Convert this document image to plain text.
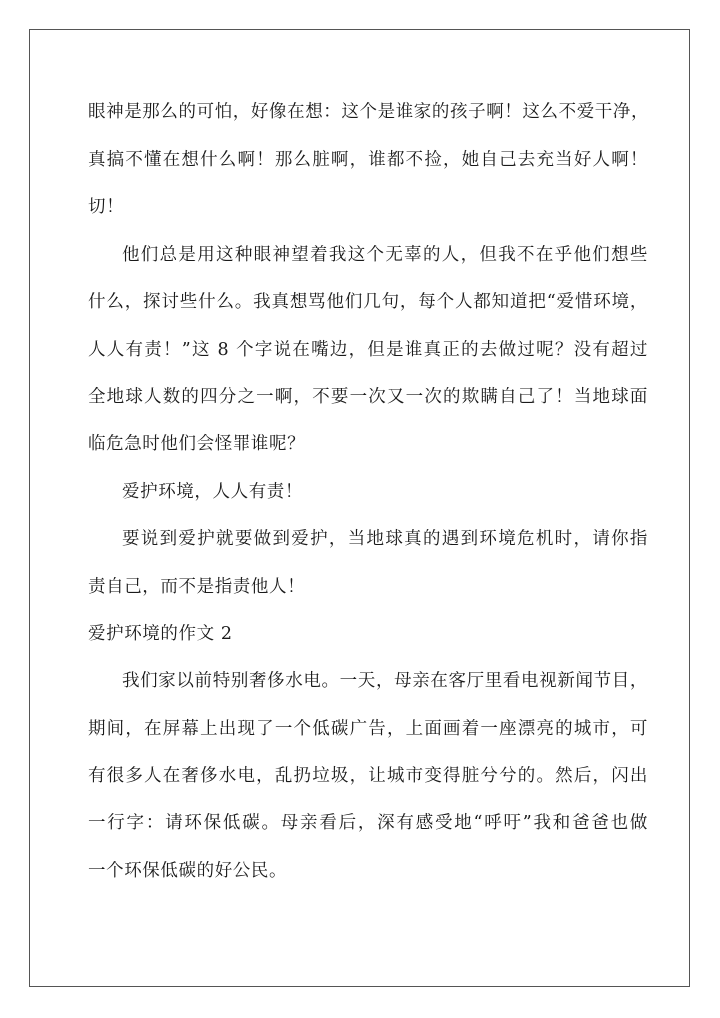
眼神是那么的可怕，好像在想：这个是谁家的孩子啊！这么不爱干净，
真搞不懂在想什么啊！那么脏啊，谁都不捡，她自己去充当好人啊！
切！
他们总是用这种眼神望着我这个无辜的人，但我不在乎他们想些
什么，探讨些什么。我真想骂他们几句，每个人都知道把“爱惜环境，
人人有责！”这 8 个字说在嘴边，但是谁真正的去做过呢？没有超过
全地球人数的四分之一啊，不要一次又一次的欺瞒自己了！当地球面
临危急时他们会怪罪谁呢？
爱护环境，人人有责！
要说到爱护就要做到爱护，当地球真的遇到环境危机时，请你指
责自己，而不是指责他人！
爱护环境的作文 2
我们家以前特别奢侈水电。一天，母亲在客厅里看电视新闻节目，
期间，在屏幕上出现了一个低碳广告，上面画着一座漂亮的城市，可
有很多人在奢侈水电，乱扔垃圾，让城市变得脏兮兮的。然后，闪出
一行字：请环保低碳。母亲看后，深有感受地“呼吁”我和爸爸也做
一个环保低碳的好公民。
